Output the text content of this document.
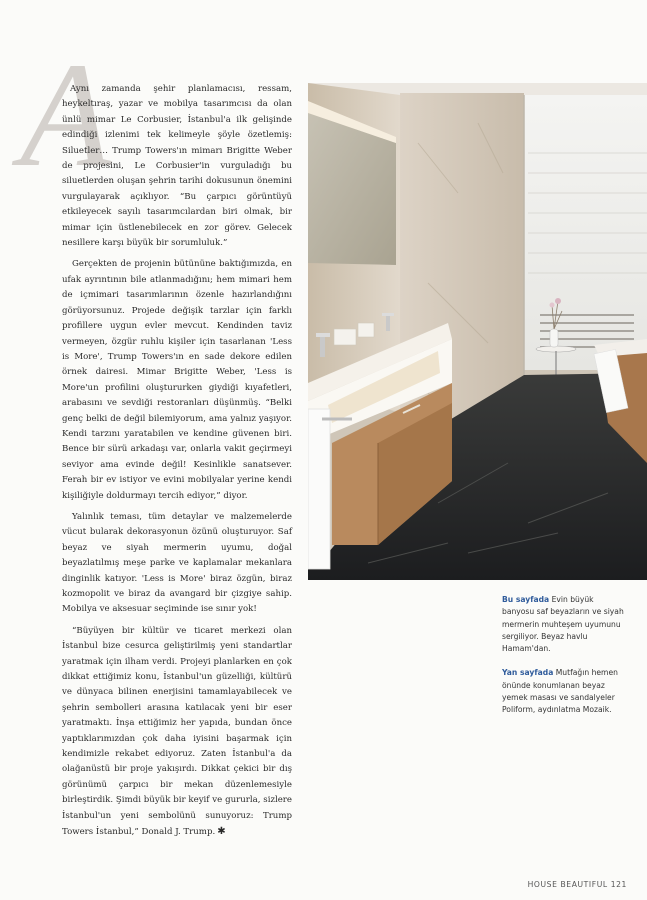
A

Aynı zamanda şehir planlamacısı, ressam, heykeltıraş, yazar ve mobilya tasarımcısı da olan ünlü mimar Le Corbusier, İstanbul'a ilk gelişinde edindiği izlenimi tek kelimeyle şöyle özetlemiş: Siluetler… Trump Towers'ın mimarı Brigitte Weber de projesini, Le Corbusier'in vurguladığı bu siluetlerden oluşan şehrin tarihi dokusunun önemini vurgulayarak açıklıyor. “Bu çarpıcı görüntüyü etkileyecek sayılı tasarımcılardan biri olmak, bir mimar için üstlenebilecek en zor görev. Gelecek nesillere karşı büyük bir sorumluluk.”

Gerçekten de projenin bütününe baktığımızda, en ufak ayrıntının bile atlanmadığını; hem mimari hem de içmimari tasarımlarının özenle hazırlandığını görüyorsunuz. Projede değişik tarzlar için farklı profillere uygun evler mevcut. Kendinden taviz vermeyen, özgür ruhlu kişiler için tasarlanan 'Less is More', Trump Towers'ın en sade dekore edilen örnek dairesi. Mimar Brigitte Weber, 'Less is More'un profilini oluştururken giydiği kıyafetleri, arabasını ve sevdiği restoranları düşünmüş. “Belki genç belki de değil bilemiyorum, ama yalnız yaşıyor. Kendi tarzını yaratabilen ve kendine güvenen biri. Bence bir sürü arkadaşı var, onlarla vakit geçirmeyi seviyor ama evinde değil! Kesinlikle sanatsever. Ferah bir ev istiyor ve evini mobilyalar yerine kendi kişiliğiyle doldurmayı tercih ediyor,” diyor.

Yalınlık teması, tüm detaylar ve malzemelerde vücut bularak dekorasyonun özünü oluşturuyor. Saf beyaz ve siyah mermerin uyumu, doğal beyazlatılmış meşe parke ve kaplamalar mekanlara dinginlik katıyor. 'Less is More' biraz özgün, biraz kozmopolit ve biraz da avangard bir çizgiye sahip. Mobilya ve aksesuar seçiminde ise sınır yok!

“Büyüyen bir kültür ve ticaret merkezi olan İstanbul bize cesurca geliştirilmiş yeni standartlar yaratmak için ilham verdi. Projeyi planlarken en çok dikkat ettiğimiz konu, İstanbul'un güzelliği, kültürü ve dünyaca bilinen enerjisini tamamlayabilecek ve şehrin sembolleri arasına katılacak yeni bir eser yaratmaktı. İnşa ettiğimiz her yapıda, bundan önce yaptıklarımızdan çok daha iyisini başarmak için kendimizle rekabet ediyoruz. Zaten İstanbul'a da olağanüstü bir proje yakışırdı. Dikkat çekici bir dış görünümü çarpıcı bir mekan düzenlemesiyle birleştirdik. Şimdi büyük bir keyif ve gururla, sizlere İstanbul'un yeni sembolünü sunuyoruz: Trump Towers İstanbul,” Donald J. Trump. ✱

Bu sayfada Evin büyük banyosu saf beyazların ve siyah mermerin muhteşem uyumunu sergiliyor. Beyaz havlu Hamam'dan.
Yan sayfada Mutfağın hemen önünde konumlanan beyaz yemek masası ve sandalyeler Poliform, aydınlatma Mozaik.
HOUSE BEAUTIFUL 121
